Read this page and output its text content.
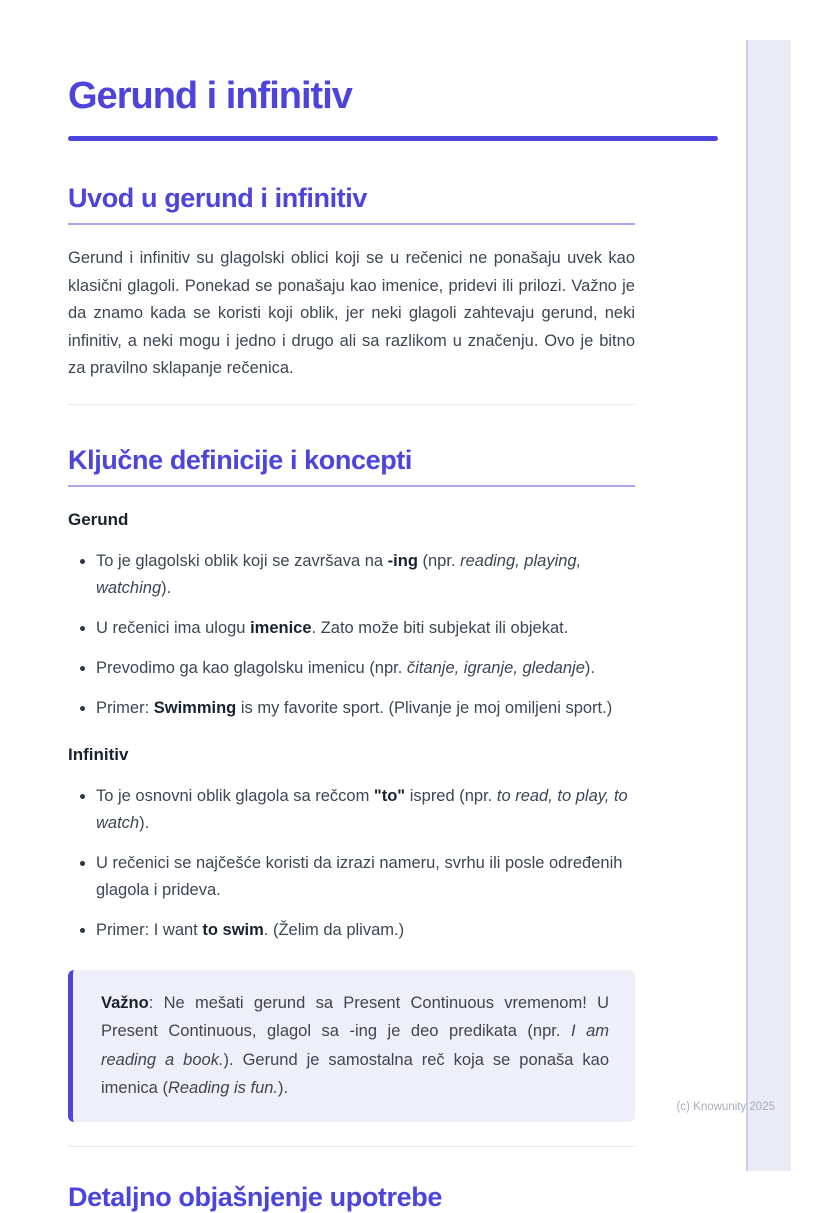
Gerund i infinitiv
Uvod u gerund i infinitiv

Gerund i infinitiv su glagolski oblici koji se u rečenici ne ponašaju uvek kao klasični glagoli. Ponekad se ponašaju kao imenice, pridevi ili prilozi. Važno je da znamo kada se koristi koji oblik, jer neki glagoli zahtevaju gerund, neki infinitiv, a neki mogu i jedno i drugo ali sa razlikom u značenju. Ovo je bitno za pravilno sklapanje rečenica.

Ključne definicije i koncepti
Gerund
To je glagolski oblik koji se završava na -ing (npr. reading, playing, watching).
U rečenici ima ulogu imenice. Zato može biti subjekat ili objekat.
Prevodimo ga kao glagolsku imenicu (npr. čitanje, igranje, gledanje).
Primer: Swimming is my favorite sport. (Plivanje je moj omiljeni sport.)
Infinitiv
To je osnovni oblik glagola sa rečcom "to" ispred (npr. to read, to play, to watch).
U rečenici se najčešće koristi da izrazi nameru, svrhu ili posle određenih glagola i prideva.
Primer: I want to swim. (Želim da plivam.)

Važno: Ne mešati gerund sa Present Continuous vremenom! U Present Continuous, glagol sa -ing je deo predikata (npr. I am reading a book.). Gerund je samostalna reč koja se ponaša kao imenica (Reading is fun.).

Detaljno objašnjenje upotrebe
(c) Knowunity 2025
